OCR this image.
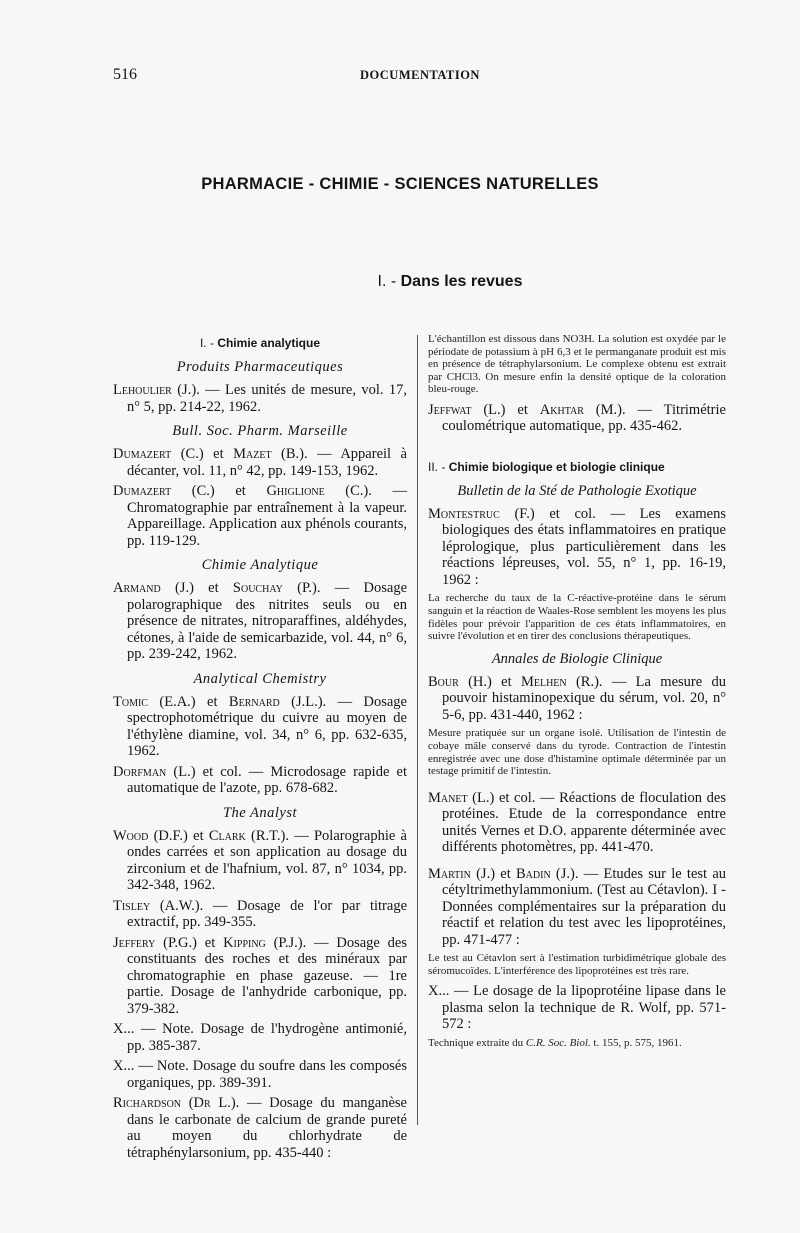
516	DOCUMENTATION
PHARMACIE - CHIMIE - SCIENCES NATURELLES
I. - Dans les revues
I. - Chimie analytique
Produits Pharmaceutiques
Lehoulier (J.). — Les unités de mesure, vol. 17, n° 5, pp. 214-22, 1962.
Bull. Soc. Pharm. Marseille
Dumazert (C.) et Mazet (B.). — Appareil à décanter, vol. 11, n° 42, pp. 149-153, 1962.
Dumazert (C.) et Ghiglione (C.). — Chromatographie par entraînement à la vapeur. Appareillage. Application aux phénols courants, pp. 119-129.
Chimie Analytique
Armand (J.) et Souchay (P.). — Dosage polarographique des nitrites seuls ou en présence de nitrates, nitroparaffines, aldéhydes, cétones, à l'aide de semicarbazide, vol. 44, n° 6, pp. 239-242, 1962.
Analytical Chemistry
Tomic (E.A.) et Bernard (J.L.). — Dosage spectrophotométrique du cuivre au moyen de l'éthylène diamine, vol. 34, n° 6, pp. 632-635, 1962.
Dorfman (L.) et col. — Microdosage rapide et automatique de l'azote, pp. 678-682.
The Analyst
Wood (D.F.) et Clark (R.T.). — Polarographie à ondes carrées et son application au dosage du zirconium et de l'hafnium, vol. 87, n° 1034, pp. 342-348, 1962.
Tisley (A.W.). — Dosage de l'or par titrage extractif, pp. 349-355.
Jeffery (P.G.) et Kipping (P.J.). — Dosage des constituants des roches et des minéraux par chromatographie en phase gazeuse. — 1re partie. Dosage de l'anhydride carbonique, pp. 379-382.
X... — Note. Dosage de l'hydrogène antimonié, pp. 385-387.
X... — Note. Dosage du soufre dans les composés organiques, pp. 389-391.
Richardson (Dr L.). — Dosage du manganèse dans le carbonate de calcium de grande pureté au moyen du chlorhydrate de tétraphénylarsonium, pp. 435-440 :
L'échantillon est dissous dans NO3H. La solution est oxydée par le périodate de potassium à pH 6,3 et le permanganate produit est mis en présence de tétraphylarsonium. Le complexe obtenu est extrait par CHCl3. On mesure enfin la densité optique de la coloration bleu-rouge.
Jeffwat (L.) et Akhtar (M.). — Titrimétrie coulométrique automatique, pp. 435-462.
II. - Chimie biologique et biologie clinique
Bulletin de la Sté de Pathologie Exotique
Montestruc (F.) et col. — Les examens biologiques des états inflammatoires en pratique léprologique, plus particulièrement dans les réactions lépreuses, vol. 55, n° 1, pp. 16-19, 1962 :
La recherche du taux de la C-réactive-protéine dans le sérum sanguin et la réaction de Waales-Rose semblent les moyens les plus fidèles pour prévoir l'apparition de ces états inflammatoires, en suivre l'évolution et en tirer des conclusions thérapeutiques.
Annales de Biologie Clinique
Bour (H.) et Melhen (R.). — La mesure du pouvoir histaminopexique du sérum, vol. 20, n° 5-6, pp. 431-440, 1962 :
Mesure pratiquée sur un organe isolé. Utilisation de l'intestin de cobaye mâle conservé dans du tyrode. Contraction de l'intestin enregistrée avec une dose d'histamine optimale déterminée par un testage primitif de l'intestin.
Manet (L.) et col. — Réactions de floculation des protéines. Etude de la correspondance entre unités Vernes et D.O. apparente déterminée avec différents photomètres, pp. 441-470.
Martin (J.) et Badin (J.). — Etudes sur le test au cétyltrimethylammonium. (Test au Cétavlon). I - Données complémentaires sur la préparation du réactif et relation du test avec les lipoprotéines, pp. 471-477 :
Le test au Cétavlon sert à l'estimation turbidimétrique globale des séromucoïdes. L'interférence des lipoprotéines est très rare.
X... — Le dosage de la lipoprotéine lipase dans le plasma selon la technique de R. Wolf, pp. 571-572 :
Technique extraite du C.R. Soc. Biol. t. 155, p. 575, 1961.
